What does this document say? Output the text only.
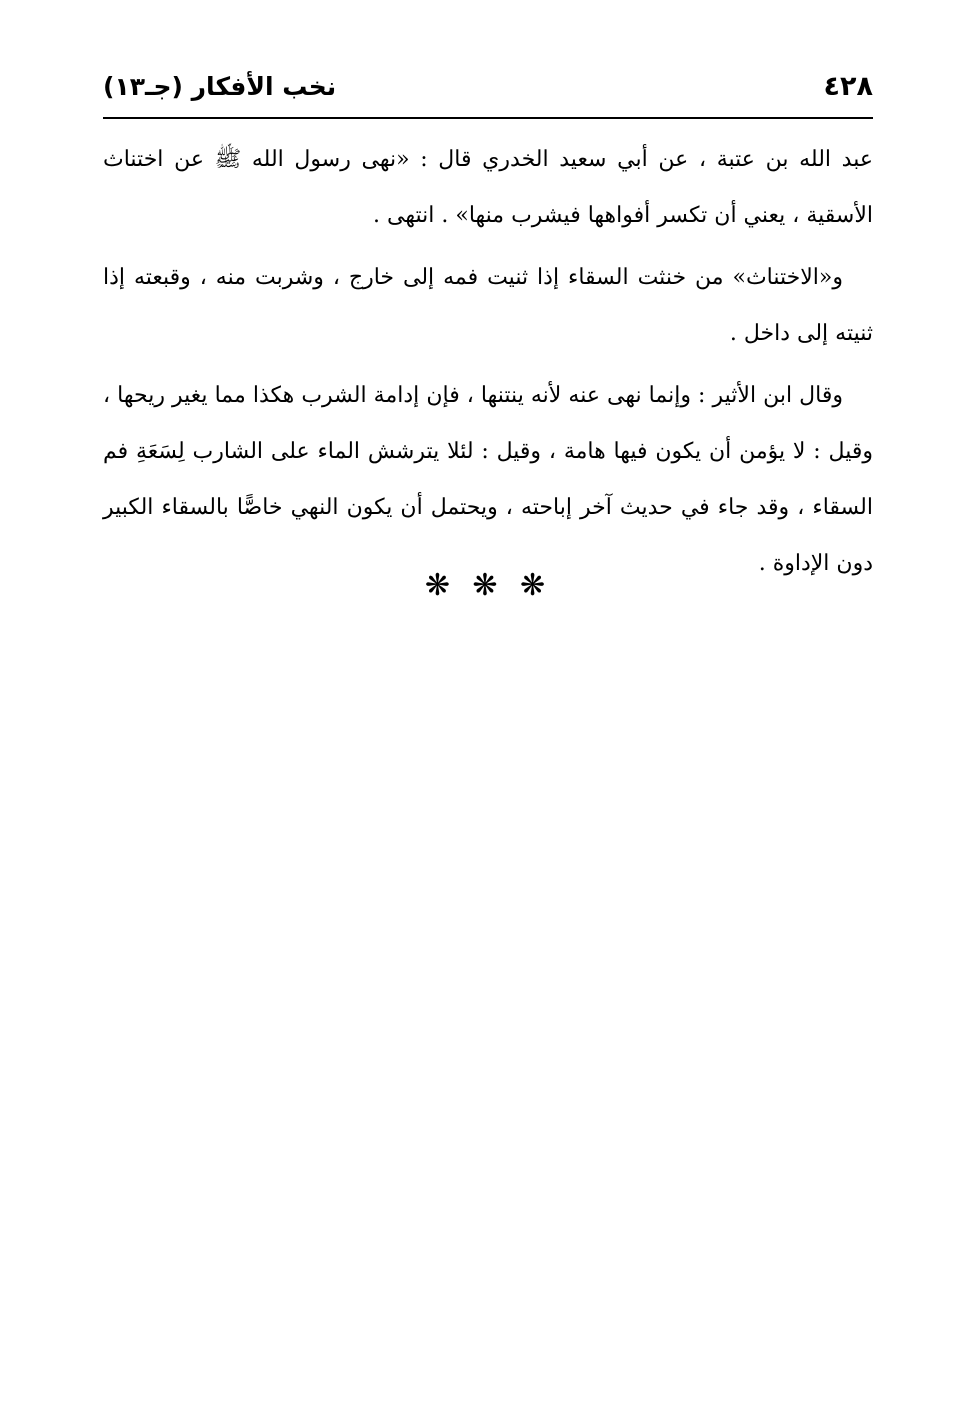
٤٢٨
نخب الأفكار (جـ١٣)

عبد الله بن عتبة ، عن أبي سعيد الخدري قال : «نهى رسول الله ﷺ عن اختناث الأسقية ، يعني أن تكسر أفواهها فيشرب منها» . انتهى .

و«الاختناث» من خنثت السقاء إذا ثنيت فمه إلى خارج ، وشربت منه ، وقبعته إذا ثنيته إلى داخل .

وقال ابن الأثير : وإنما نهى عنه لأنه ينتنها ، فإن إدامة الشرب هكذا مما يغير ريحها ، وقيل : لا يؤمن أن يكون فيها هامة ، وقيل : لئلا يترشش الماء على الشارب لِسَعَةِ فم السقاء ، وقد جاء في حديث آخر إباحته ، ويحتمل أن يكون النهي خاصًّا بالسقاء الكبير دون الإداوة .

❋ ❋ ❋
